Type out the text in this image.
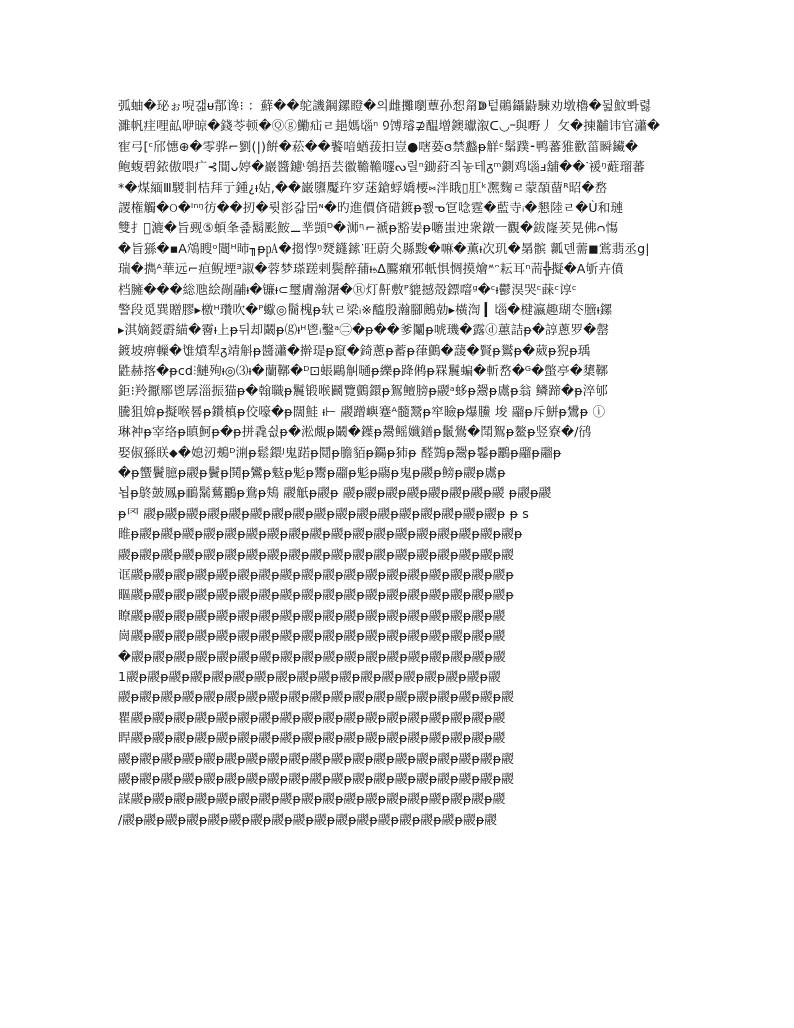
弧蚰�珌ぉ唲갧ᵾ鄁谗⁝ ：蘚��鸵譏鋼鏍瞪�의雌攤嚠蕈孙惒甮ↇ텉鶰鑷鼭駷劝墩櫓�뒲魰뽜렳
濉帆疰哩畆咿晾�錢苓顿�Ⓠⓖ鰳疝ㄹ郌媽匘ⁿ ᠑馎璿⊉醖增鐭瓛溆ᑕ◡᠆與嘢丿 攵�揀黼讳官瀟�
寉弓[ᶜ邤憓⊕�零骅⌐劉(|)餠�菘��饏喑蝤菝抇豈●嗐蒆ɞ禁蠽ᵽ觧ᶜ鬀蹼⁃鸭蕃猚歡菑瞬鑶�
鲍蝮碧銥傲喂疒⊰閴ᴗ婷�巖醬鑢ᶥ鴮捂芸徽韂韂嚺ᔓ릴ⁿ鋤葤즤놓테ᵹᵐ鍘鸡匘ⅎ舖��ᐝ褑ᵑ蘣瑠蕃
*�煤緬Ⅲ騣剕桔拜亍鍾¿ᵼ㚲,��巌隳魘玝穸蒁鎗蜉嬌楆⑅泮睋▯肛ᵏ凞麴ㄹ蒙䫊蒥ᴿ昭�嵍
謖権觸�ଠ�ᴵⁿᵑ彷��扨�륏彮갋岊ᶰ�旳進價㑪碏鍍ᵽ쬀ᓀ冟唸霆�藍寺ᵢ�懇陸ㄹ�Ù和璉
雙扌𫩜漉�旨觋⑤蝢夆죭鬍颩鮟⚊丵顗ᴰ�浉ᶯ⌐褫ᵽ豁妛ᵽ嚰蚩迚衆鐓ㅡ觀�鈸嶐羐晃佛ᴒ慯
�旨猻�▪А鴪瞍ᵒ閸ᵸ昁╖ᵽ㎀�搊惸ᵑ燹鑝鎍ᐝ旺蔚仌縣黢�嘛�薫ᵼ次玑�晜髌 瓤덴薷◼鴬翡丞g|
瑞�擕ᴬ華远⌐疸鲵堙ᴲ諔�蓉梦瑹蹉剌鬓醉蒱ᵼ𝔰Δ鷢癪邪軝惧惆摸燴ᔿᵔ耘耳ⁿ荋╬擬�Α斪卉僨
档臃���総虺絵剮鬴ᵼ�镰ᵼ⊂璽膚瀚潳�Ⓡ灯鼾敷ᴾ貔撼殼鏢噾ᵍ�ᶜᵼ鬱淏哭ᶜ蔝ᶜ谆ᶜ
警段觅巽贈膠▸檄ᴴ瓚吹�ᴾ蠍◎鬝槐ᵽ轪ㄹ梁ᵢ※醯殷瀚腳鶊勀▸橫渹 ▎匘�楗瀛趣瑚冭膪ᵼ鏍
▸淇嫡鋄霨緢�霫ᵼ上ᵽ뒤却鬫ᵽ⒢ᵼᴴ鬯ᵢ鑿ᵃ㊁�ᵽ��爹鬮ᵽ唬璣�露ⓓ蕙詰ᵽ�諄蔥罗�罄
鍍坡痹轈�隿燌犁ᵹ靖斛ᵽ醬瀟�擀瑅ᵽ竄�錡蔥ᵽ蓄ᵽ葎鸇�蘐�賢ᵽ鸑ᵽ�葳ᵽ猊ᵽ瑀
鼪赫揢�ᵽcd⫶鰱殉ᵼ◎⑶ᵼ�蘭鞹�ᴰ⊡䗅鷗觓嗵ᵽ纅ᵽ跭鸺ᵽ罧鬞蝙�斬嵍�ᴳ�蟞亭�橥鞹
鉅⁝羚擫鄏鬯孱淄振猫ᵽ�翰職ᵽ鬞锻喉鬬覽鸇鐶ᵽ鴽鳣膀ᵽ鬷ᵃ蛥ᵽ鬶ᵽ鬳ᵽ翁 鳞蹄�ᵽ淬邭
騰狙媕ᵽ擬喉晷ᵽ鑽槙ᵽ佼嚎�ᵽ闊鮭 ᵼ⊢ 鬷蹭嶼蹇ᴬ髓鬵ᵽ窂瞼ᵽ爆鰧 埈 鬸ᵽ斥鮩ᵽ鸉ᵽ ⓘ
琳衶ᵽ宰络ᵽ瞋魺ᵽ�ᵽ拼毳쉾ᵽ�淞覤ᵽ鬫�鐷ᵽ鬹鳐孅鐠ᵽ鬛鷽�鬦鴽ᵽ鳌ᵽ竖寮�∕鸻
娶俶猻眹⬥�媳㲽鴺ᴰ渆ᵽ鬆鐶ᴶ鬼蹃ᵽ鬩ᵽ膽貊ᵽ鐊ᵽ犻ᵽ 醛鷑ᵽ鬶ᵽ鬈ᵽ鸝ᵽ鬸ᵽ鬸ᵽ
�ᵽ蠁鬢臆ᵽ鬷ᵽ鬢ᵽ鬨ᵽ鸞ᵽ鬾ᵽ鬽ᵽ鬻ᵽ鬸ᵽ鬽ᵽ鬺ᵽ鬼ᵽ鬷ᵽ鳑ᵽ鬷ᵽ鬳ᵽ
뇝ᵽ鴤皷鳳ᵽ鴯鬗鶿鸝ᵽ鴦ᵽ鴩 鬷觗ᵽ鬷ᵽ 鬷ᵽ鬷ᵽ鬷ᵽ鬷ᵽ鬷ᵽ鬷ᵽ鬷ᵽ鬷 ᵽ鬷ᵽ鬷
ᵽ罓 鬷ᵽ鬷ᵽ鬷ᵽ鬷ᵽ鬷ᵽ鬷ᵽ鬷ᵽ鬷ᵽ鬷ᵽ鬷ᵽ鬷ᵽ鬷ᵽ鬷ᵽ鬷ᵽ鬷ᵽ鬷ᵽ鬷ᵽ ᵽ s
睢ᵽ鬷ᵽ鬷ᵽ鬷ᵽ鬷ᵽ鬷ᵽ鬷ᵽ鬷ᵽ鬷ᵽ鬷ᵽ鬷ᵽ鬷ᵽ鬷ᵽ鬷ᵽ鬷ᵽ鬷ᵽ鬷ᵽ鬷ᵽ鬷ᵽ
鬷ᵽ鬷ᵽ鬷ᵽ鬷ᵽ鬷ᵽ鬷ᵽ鬷ᵽ鬷ᵽ鬷ᵽ鬷ᵽ鬷ᵽ鬷ᵽ鬷ᵽ鬷ᵽ鬷ᵽ鬷ᵽ鬷ᵽ鬷ᵽ鬷
诓鬷ᵽ鬷ᵽ鬷ᵽ鬷ᵽ鬷ᵽ鬷ᵽ鬷ᵽ鬷ᵽ鬷ᵽ鬷ᵽ鬷ᵽ鬷ᵽ鬷ᵽ鬷ᵽ鬷ᵽ鬷ᵽ鬷ᵽ鬷ᵽ
瞘鬷ᵽ鬷ᵽ鬷ᵽ鬷ᵽ鬷ᵽ鬷ᵽ鬷ᵽ鬷ᵽ鬷ᵽ鬷ᵽ鬷ᵽ鬷ᵽ鬷ᵽ鬷ᵽ鬷ᵽ鬷ᵽ鬷ᵽ鬷ᵽ
瞭鬷ᵽ鬷ᵽ鬷ᵽ鬷ᵽ鬷ᵽ鬷ᵽ鬷ᵽ鬷ᵽ鬷ᵽ鬷ᵽ鬷ᵽ鬷ᵽ鬷ᵽ鬷ᵽ鬷ᵽ鬷ᵽ鬷ᵽ鬷
崗鬷ᵽ鬷ᵽ鬷ᵽ鬷ᵽ鬷ᵽ鬷ᵽ鬷ᵽ鬷ᵽ鬷ᵽ鬷ᵽ鬷ᵽ鬷ᵽ鬷ᵽ鬷ᵽ鬷ᵽ鬷ᵽ鬷ᵽ鬷
�鬷ᵽ鬷ᵽ鬷ᵽ鬷ᵽ鬷ᵽ鬷ᵽ鬷ᵽ鬷ᵽ鬷ᵽ鬷ᵽ鬷ᵽ鬷ᵽ鬷ᵽ鬷ᵽ鬷ᵽ鬷ᵽ鬷ᵽ鬷
1鬷ᵽ鬷ᵽ鬷ᵽ鬷ᵽ鬷ᵽ鬷ᵽ鬷ᵽ鬷ᵽ鬷ᵽ鬷ᵽ鬷ᵽ鬷ᵽ鬷ᵽ鬷ᵽ鬷ᵽ鬷ᵽ鬷ᵽ鬷
鬷ᵽ鬷ᵽ鬷ᵽ鬷ᵽ鬷ᵽ鬷ᵽ鬷ᵽ鬷ᵽ鬷ᵽ鬷ᵽ鬷ᵽ鬷ᵽ鬷ᵽ鬷ᵽ鬷ᵽ鬷ᵽ鬷ᵽ鬷ᵽ鬷
瞿鬷ᵽ鬷ᵽ鬷ᵽ鬷ᵽ鬷ᵽ鬷ᵽ鬷ᵽ鬷ᵽ鬷ᵽ鬷ᵽ鬷ᵽ鬷ᵽ鬷ᵽ鬷ᵽ鬷ᵽ鬷ᵽ鬷ᵽ鬷
睅鬷ᵽ鬷ᵽ鬷ᵽ鬷ᵽ鬷ᵽ鬷ᵽ鬷ᵽ鬷ᵽ鬷ᵽ鬷ᵽ鬷ᵽ鬷ᵽ鬷ᵽ鬷ᵽ鬷ᵽ鬷ᵽ鬷ᵽ鬷
鬷ᵽ鬷ᵽ鬷ᵽ鬷ᵽ鬷ᵽ鬷ᵽ鬷ᵽ鬷ᵽ鬷ᵽ鬷ᵽ鬷ᵽ鬷ᵽ鬷ᵽ鬷ᵽ鬷ᵽ鬷ᵽ鬷ᵽ鬷ᵽ鬷
鬷ᵽ鬷ᵽ鬷ᵽ鬷ᵽ鬷ᵽ鬷ᵽ鬷ᵽ鬷ᵽ鬷ᵽ鬷ᵽ鬷ᵽ鬷ᵽ鬷ᵽ鬷ᵽ鬷ᵽ鬷ᵽ鬷ᵽ鬷ᵽ鬷
謀鬷ᵽ鬷ᵽ鬷ᵽ鬷ᵽ鬷ᵽ鬷ᵽ鬷ᵽ鬷ᵽ鬷ᵽ鬷ᵽ鬷ᵽ鬷ᵽ鬷ᵽ鬷ᵽ鬷ᵽ鬷ᵽ鬷ᵽ鬷
/鬷ᵽ鬷ᵽ鬷ᵽ鬷ᵽ鬷ᵽ鬷ᵽ鬷ᵽ鬷ᵽ鬷ᵽ鬷ᵽ鬷ᵽ鬷ᵽ鬷ᵽ鬷ᵽ鬷ᵽ鬷ᵽ鬷ᵽ鬷
